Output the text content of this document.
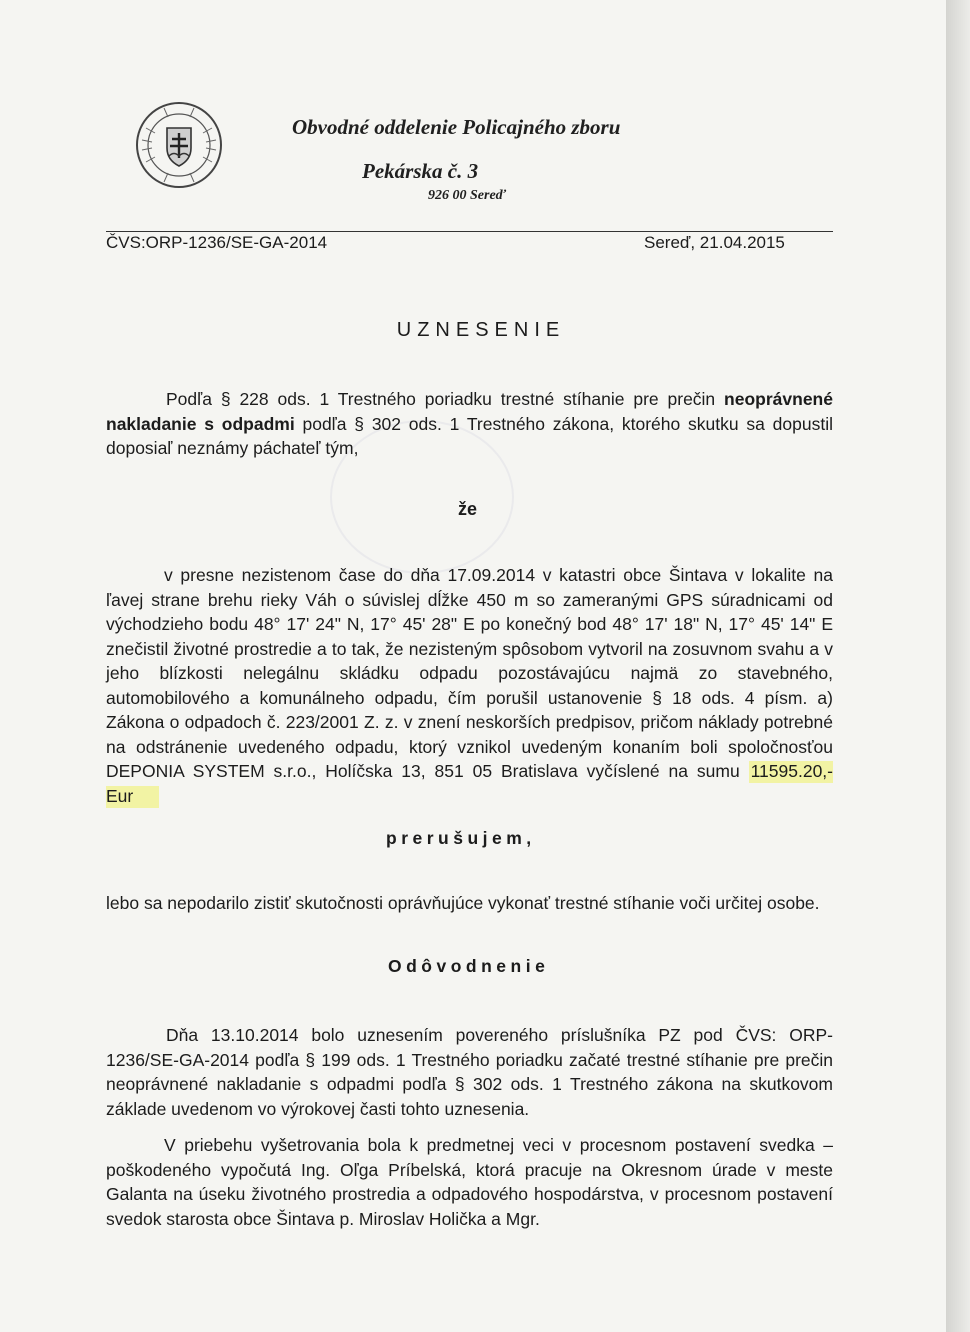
Obvodné oddelenie Policajného zboru
Pekárska č. 3
926 00 Sereď
ČVS:ORP-1236/SE-GA-2014	Sereď, 21.04.2015
UZNESENIE
Podľa § 228 ods. 1 Trestného poriadku trestné stíhanie pre prečin neoprávnené nakladanie s odpadmi podľa § 302 ods. 1 Trestného zákona, ktorého skutku sa dopustil doposiaľ neznámy páchateľ tým,
že
v presne nezistenom čase do dňa 17.09.2014 v katastri obce Šintava v lokalite na ľavej strane brehu rieky Váh o súvislej dĺžke 450 m so zameranými GPS súradnicami od východzieho bodu 48° 17' 24" N, 17° 45' 28" E po konečný bod 48° 17' 18" N, 17° 45' 14" E znečistil životné prostredie a to tak, že nezisteným spôsobom vytvoril na zosuvnom svahu a v jeho blízkosti nelegálnu skládku odpadu pozostávajúcu najmä zo stavebného, automobilového a komunálneho odpadu, čím porušil ustanovenie § 18 ods. 4 písm. a) Zákona o odpadoch č. 223/2001 Z. z. v znení neskorších predpisov, pričom náklady potrebné na odstránenie uvedeného odpadu, ktorý vznikol uvedeným konaním boli spoločnosťou DEPONIA SYSTEM s.r.o., Holíčska 13, 851 05 Bratislava vyčíslené na sumu 11595.20,- Eur
prerušujem,
lebo sa nepodarilo zistiť skutočnosti oprávňujúce vykonať trestné stíhanie voči určitej osobe.
Odôvodnenie
Dňa 13.10.2014 bolo uznesením povereného príslušníka PZ pod ČVS: ORP-1236/SE-GA-2014 podľa § 199 ods. 1 Trestného poriadku začaté trestné stíhanie pre prečin neoprávnené nakladanie s odpadmi podľa § 302 ods. 1 Trestného zákona na skutkovom základe uvedenom vo výrokovej časti tohto uznesenia.
V priebehu vyšetrovania bola k predmetnej veci v procesnom postavení svedka – poškodeného vypočutá Ing. Oľga Príbelská, ktorá pracuje na Okresnom úrade v meste Galanta na úseku životného prostredia a odpadového hospodárstva, v procesnom postavení svedok starosta obce Šintava p. Miroslav Holička a Mgr.
